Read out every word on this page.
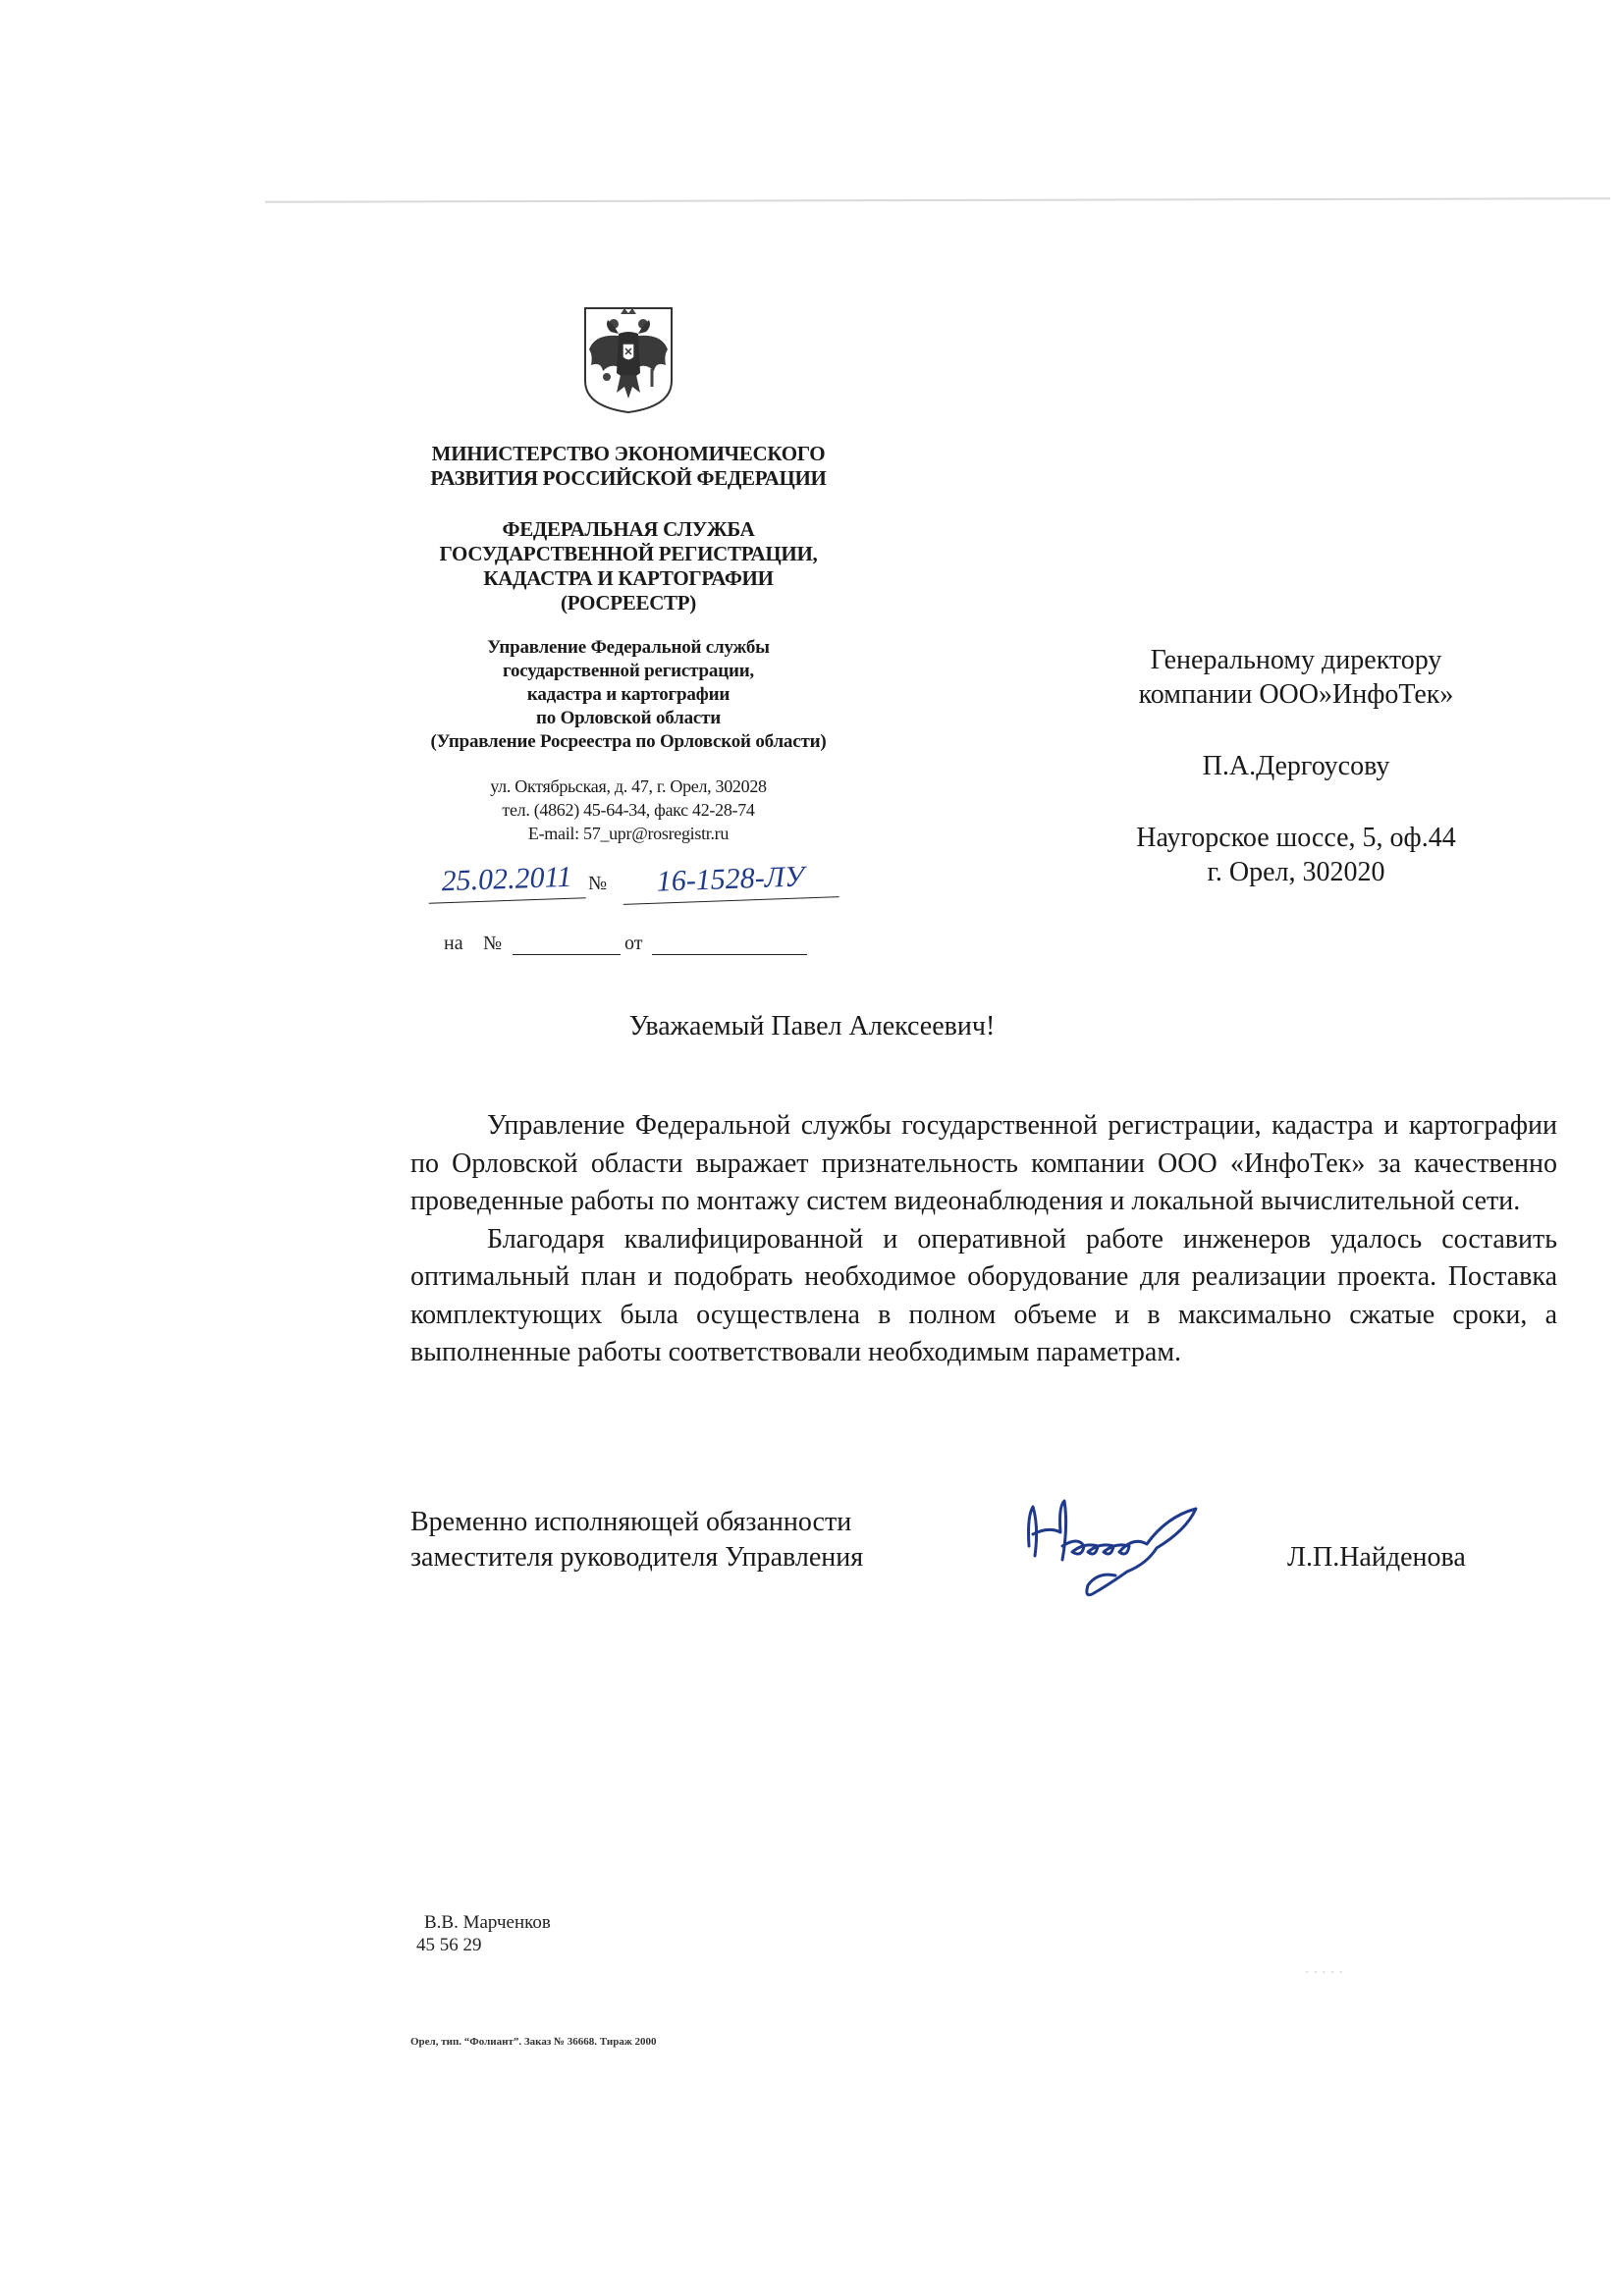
МИНИСТЕРСТВО ЭКОНОМИЧЕСКОГО
РАЗВИТИЯ РОССИЙСКОЙ ФЕДЕРАЦИИ
ФЕДЕРАЛЬНАЯ СЛУЖБА
ГОСУДАРСТВЕННОЙ РЕГИСТРАЦИИ,
КАДАСТРА И КАРТОГРАФИИ
(РОСРЕЕСТР)
Управление Федеральной службы
государственной регистрации,
кадастра и картографии
по Орловской области
(Управление Росреестра по Орловской области)
ул. Октябрьская, д. 47, г. Орел, 302028
тел. (4862) 45-64-34, факс 42-28-74
E-mail: 57_upr@rosregistr.ru
25.02.2011 №	16-1528-ЛУ
на №	от
Генеральному директору
компании ООО»ИнфоТек»
П.А.Дергоусову
Наугорское шоссе, 5, оф.44
г. Орел, 302020
Уважаемый Павел Алексеевич!

Управление Федеральной службы государственной регистрации, кадастра и картографии по Орловской области выражает признательность компании ООО «ИнфоТек» за качественно проведенные работы по монтажу систем видеонаблюдения и локальной вычислительной сети.

Благодаря квалифицированной и оперативной работе инженеров удалось составить оптимальный план и подобрать необходимое оборудование для реализации проекта. Поставка комплектующих была осуществлена в полном объеме и в максимально сжатые сроки, а выполненные работы соответствовали необходимым параметрам.

Временно исполняющей обязанности
заместителя руководителя Управления	Л.П.Найденова
В.В. Марченков
45 56 29
Орел, тип. “Фолиант”. Заказ № 36668. Тираж 2000
ᐧᐧᐧᐧᐧ
